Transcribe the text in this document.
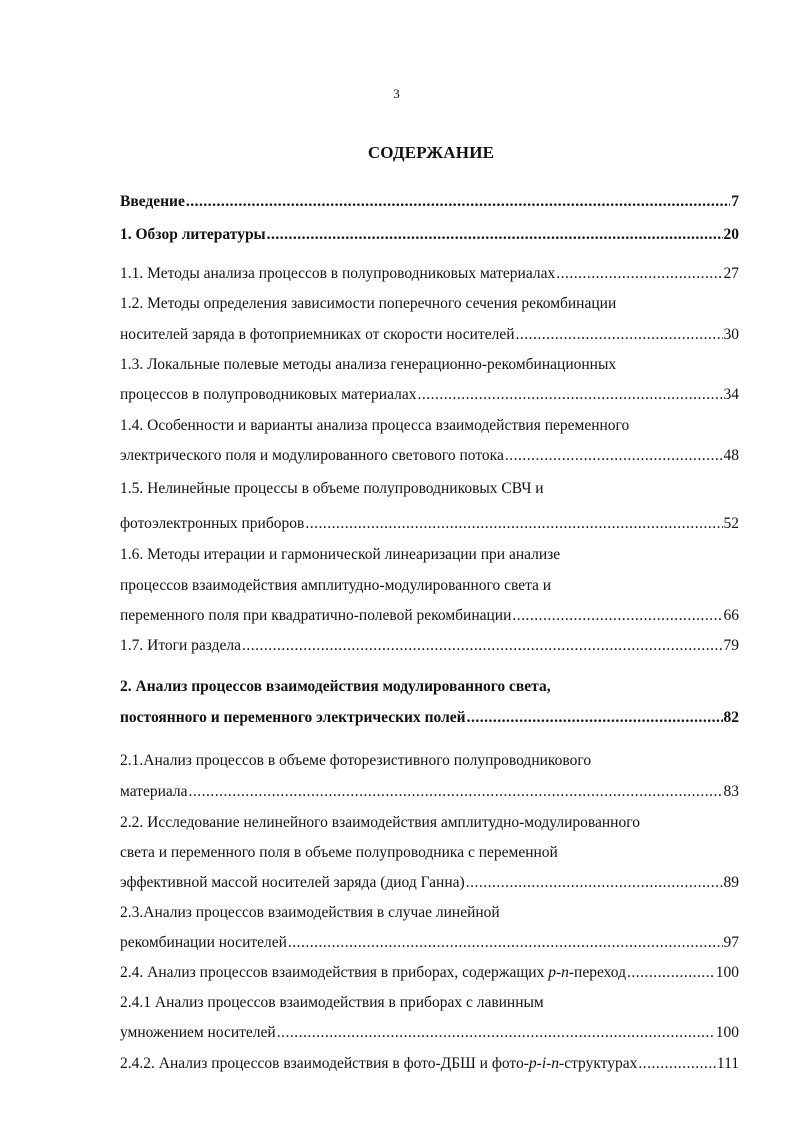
3
СОДЕРЖАНИЕ
Введение .....	7
1. Обзор литературы .....	20
1.1. Методы анализа процессов в полупроводниковых материалах .....	27
1.2. Методы определения зависимости поперечного сечения рекомбинации
носителей заряда в фотоприемниках от скорости носителей .....	30
1.3. Локальные полевые методы анализа генерационно-рекомбинационных
процессов в полупроводниковых материалах .....	34
1.4. Особенности и варианты анализа процесса взаимодействия переменного
электрического поля и модулированного светового потока .....	48
1.5. Нелинейные процессы в объеме полупроводниковых СВЧ и
фотоэлектронных приборов .....	52
1.6. Методы итерации и гармонической линеаризации при анализе
процессов взаимодействия амплитудно-модулированного света и
переменного поля при квадратично-полевой рекомбинации .....	66
1.7. Итоги раздела .....	79
2. Анализ процессов взаимодействия модулированного света,
постоянного и переменного электрических полей .....	82
2.1.Анализ процессов в объеме фоторезистивного полупроводникового
материала .....	83
2.2. Исследование нелинейного взаимодействия амплитудно-модулированного
света и переменного поля в объеме полупроводника с переменной
эффективной массой носителей заряда (диод Ганна) .....	89
2.3.Анализ процессов взаимодействия в случае линейной
рекомбинации носителей .....	97
2.4. Анализ процессов взаимодействия в приборах, содержащих p-n-переход .....	100
2.4.1 Анализ процессов взаимодействия в приборах с лавинным
умножением носителей .....	100
2.4.2. Анализ процессов взаимодействия в фото-ДБШ и фото-p-i-n-структурах .....	111
